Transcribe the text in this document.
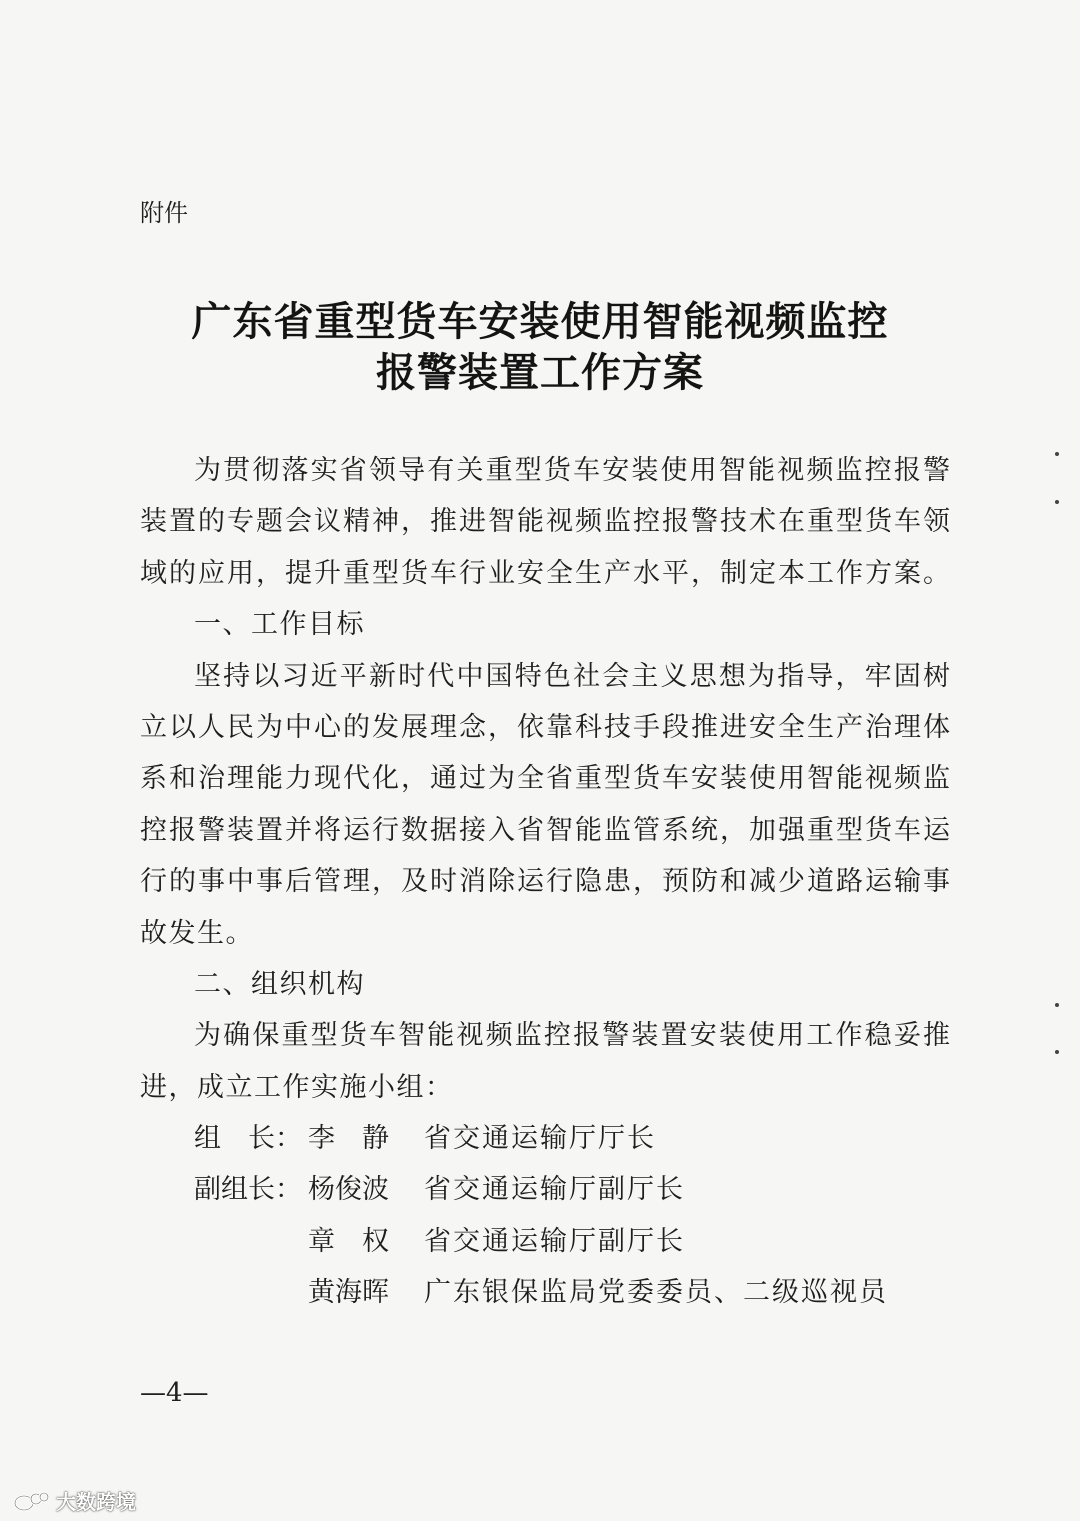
附件

广东省重型货车安装使用智能视频监控
报警装置工作方案
为贯彻落实省领导有关重型货车安装使用智能视频监控报警
装置的专题会议精神，推进智能视频监控报警技术在重型货车领
域的应用，提升重型货车行业安全生产水平，制定本工作方案。
一、工作目标
坚持以习近平新时代中国特色社会主义思想为指导，牢固树
立以人民为中心的发展理念，依靠科技手段推进安全生产治理体
系和治理能力现代化，通过为全省重型货车安装使用智能视频监
控报警装置并将运行数据接入省智能监管系统，加强重型货车运
行的事中事后管理，及时消除运行隐患，预防和减少道路运输事
故发生。
二、组织机构
为确保重型货车智能视频监控报警装置安装使用工作稳妥推
进，成立工作实施小组：
组　长： 李　静 省交通运输厅厅长
副组长： 杨俊波 省交通运输厅副厅长
章　权 省交通运输厅副厅长
黄海晖 广东银保监局党委委员、二级巡视员

—4—

大数跨境
